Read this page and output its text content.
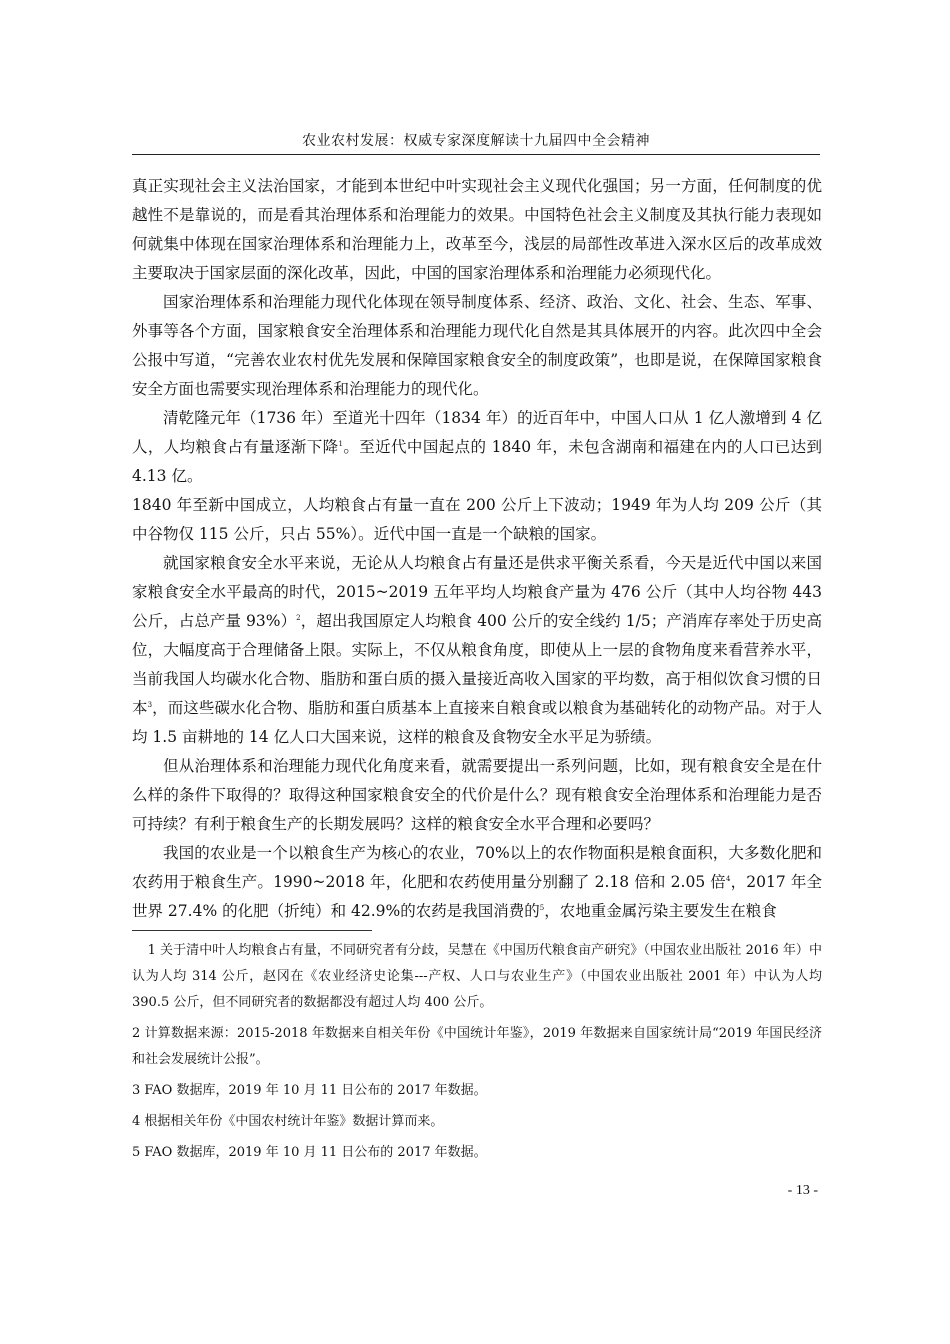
农业农村发展：权威专家深度解读十九届四中全会精神

真正实现社会主义法治国家，才能到本世纪中叶实现社会主义现代化强国；另一方面，任何制度的优越性不是靠说的，而是看其治理体系和治理能力的效果。中国特色社会主义制度及其执行能力表现如何就集中体现在国家治理体系和治理能力上，改革至今，浅层的局部性改革进入深水区后的改革成效主要取决于国家层面的深化改革，因此，中国的国家治理体系和治理能力必须现代化。

国家治理体系和治理能力现代化体现在领导制度体系、经济、政治、文化、社会、生态、军事、外事等各个方面，国家粮食安全治理体系和治理能力现代化自然是其具体展开的内容。此次四中全会公报中写道，“完善农业农村优先发展和保障国家粮食安全的制度政策”，也即是说，在保障国家粮食安全方面也需要实现治理体系和治理能力的现代化。

清乾隆元年（1736 年）至道光十四年（1834 年）的近百年中，中国人口从 1 亿人激增到 4 亿人，人均粮食占有量逐渐下降$^1$。至近代中国起点的 1840 年，未包含湖南和福建在内的人口已达到 4.13 亿。

1840 年至新中国成立，人均粮食占有量一直在 200 公斤上下波动；1949 年为人均 209 公斤（其中谷物仅 115 公斤，只占 55%）。近代中国一直是一个缺粮的国家。

就国家粮食安全水平来说，无论从人均粮食占有量还是供求平衡关系看，今天是近代中国以来国家粮食安全水平最高的时代，2015~2019 五年平均人均粮食产量为 476 公斤（其中人均谷物 443 公斤，占总产量 93%）$^2$，超出我国原定人均粮食 400 公斤的安全线约 1/5；产消库存率处于历史高位，大幅度高于合理储备上限。实际上，不仅从粮食角度，即使从上一层的食物角度来看营养水平，当前我国人均碳水化合物、脂肪和蛋白质的摄入量接近高收入国家的平均数，高于相似饮食习惯的日本$^3$，而这些碳水化合物、脂肪和蛋白质基本上直接来自粮食或以粮食为基础转化的动物产品。对于人均 1.5 亩耕地的 14 亿人口大国来说，这样的粮食及食物安全水平足为骄绩。

但从治理体系和治理能力现代化角度来看，就需要提出一系列问题，比如，现有粮食安全是在什么样的条件下取得的？取得这种国家粮食安全的代价是什么？现有粮食安全治理体系和治理能力是否可持续？有利于粮食生产的长期发展吗？这样的粮食安全水平合理和必要吗？

我国的农业是一个以粮食生产为核心的农业，70%以上的农作物面积是粮食面积，大多数化肥和农药用于粮食生产。1990~2018 年，化肥和农药使用量分别翻了 2.18 倍和 2.05 倍$^4$，2017 年全世界 27.4% 的化肥（折纯）和 42.9%的农药是我国消费的$^5$，农地重金属污染主要发生在粮食

1 关于清中叶人均粮食占有量，不同研究者有分歧，吴慧在《中国历代粮食亩产研究》（中国农业出版社 2016 年）中认为人均 314 公斤，赵冈在《农业经济史论集---产权、人口与农业生产》（中国农业出版社 2001 年）中认为人均 390.5 公斤，但不同研究者的数据都没有超过人均 400 公斤。

2 计算数据来源：2015-2018 年数据来自相关年份《中国统计年鉴》，2019 年数据来自国家统计局“2019 年国民经济和社会发展统计公报”。

3 FAO 数据库，2019 年 10 月 11 日公布的 2017 年数据。

4 根据相关年份《中国农村统计年鉴》数据计算而来。

5 FAO 数据库，2019 年 10 月 11 日公布的 2017 年数据。

- 13 -
